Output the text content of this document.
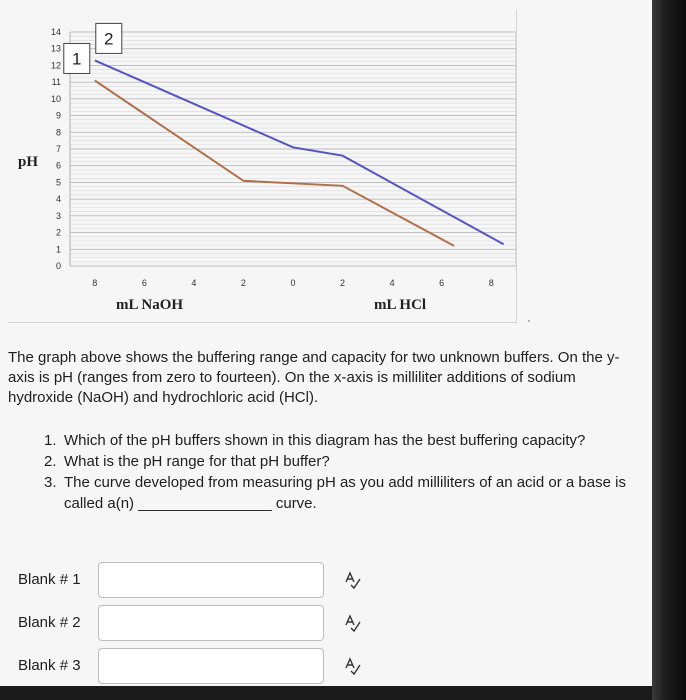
0
1
2
3
4
5
6
7
8
9
10
11
12
13
14
8	6	4	2	0	2	4	6	8
pH
mL NaOH	mL HCl
1
2

The graph above shows the buffering range and capacity for two unknown buffers. On the y-axis is pH (ranges from zero to fourteen). On the x-axis is milliliter additions of sodium hydroxide (NaOH) and hydrochloric acid (HCl).

1. Which of the pH buffers shown in this diagram has the best buffering capacity?
2. What is the pH range for that pH buffer?
3. The curve developed from measuring pH as you add milliliters of an acid or a base is called a(n) ________________ curve.
Blank # 1
Blank # 2
Blank # 3
